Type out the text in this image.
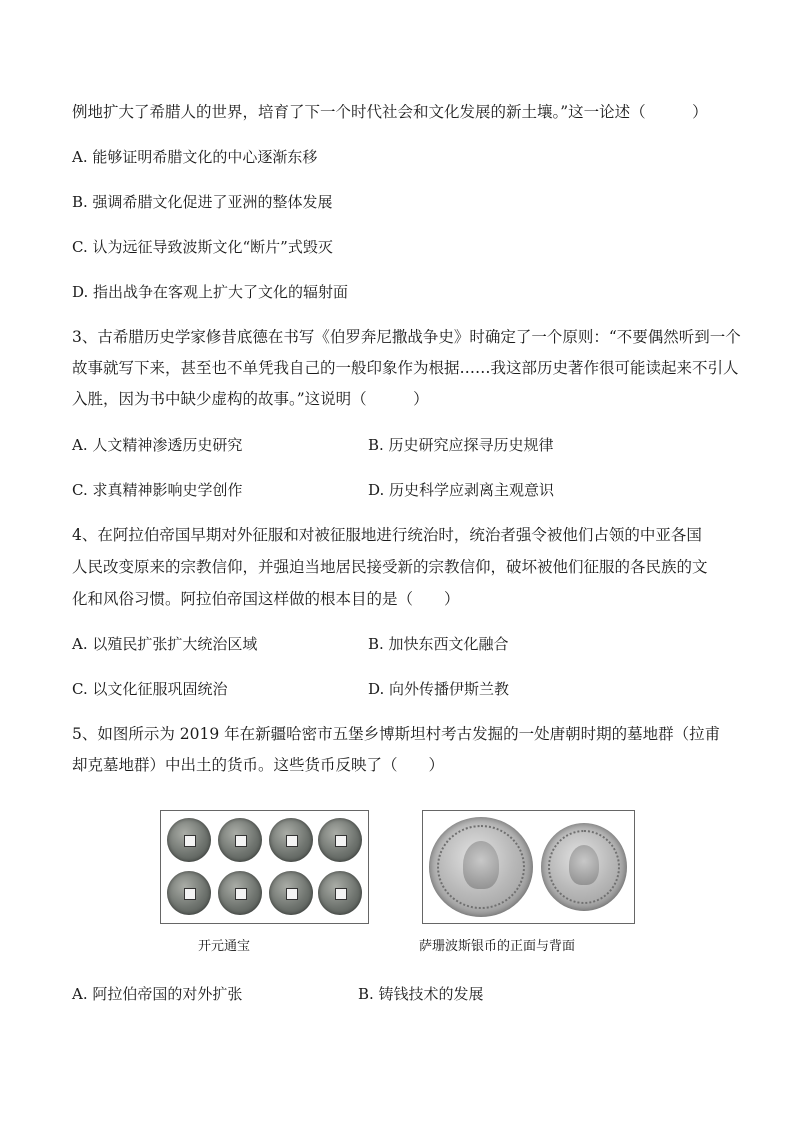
例地扩大了希腊人的世界，培育了下一个时代社会和文化发展的新土壤。”这一论述（　　　）
A. 能够证明希腊文化的中心逐渐东移
B. 强调希腊文化促进了亚洲的整体发展
C. 认为远征导致波斯文化“断片”式毁灭
D. 指出战争在客观上扩大了文化的辐射面
3、古希腊历史学家修昔底德在书写《伯罗奔尼撒战争史》时确定了一个原则：“不要偶然听到一个
故事就写下来，甚至也不单凭我自己的一般印象作为根据……我这部历史著作很可能读起来不引人
入胜，因为书中缺少虚构的故事。”这说明（　　　）
A. 人文精神渗透历史研究	B. 历史研究应探寻历史规律
C. 求真精神影响史学创作	D. 历史科学应剥离主观意识
4、在阿拉伯帝国早期对外征服和对被征服地进行统治时，统治者强令被他们占领的中亚各国
人民改变原来的宗教信仰，并强迫当地居民接受新的宗教信仰，破坏被他们征服的各民族的文
化和风俗习惯。阿拉伯帝国这样做的根本目的是（　　）
A. 以殖民扩张扩大统治区域	B. 加快东西文化融合
C. 以文化征服巩固统治	D. 向外传播伊斯兰教
5、如图所示为 2019 年在新疆哈密市五堡乡博斯坦村考古发掘的一处唐朝时期的墓地群（拉甫
却克墓地群）中出土的货币。这些货币反映了（　　）
开元通宝	萨珊波斯银币的正面与背面
A. 阿拉伯帝国的对外扩张	B. 铸钱技术的发展
